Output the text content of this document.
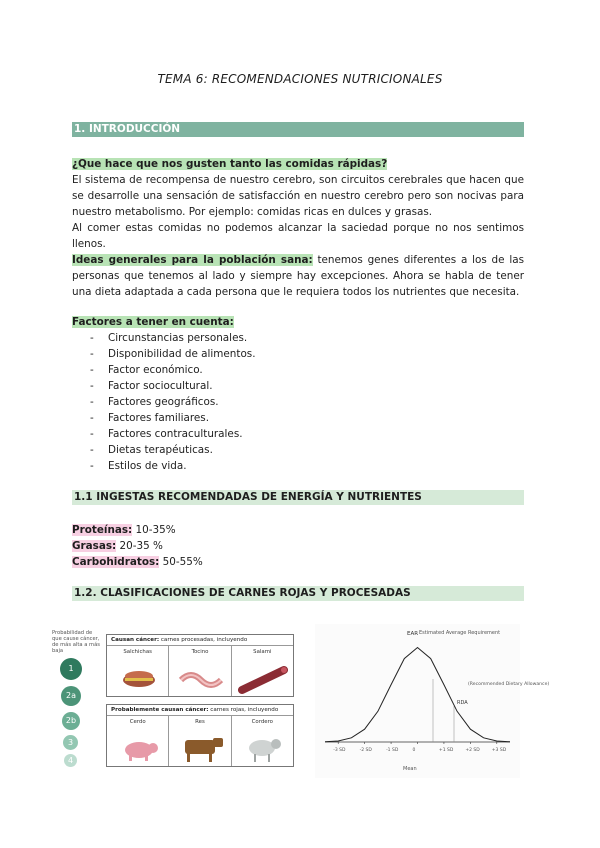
TEMA 6: RECOMENDACIONES NUTRICIONALES
1. INTRODUCCIÓN
¿Que hace que nos gusten tanto las comidas rápidas?
El sistema de recompensa de nuestro cerebro, son circuitos cerebrales que hacen que se desarrolle una sensación de satisfacción en nuestro cerebro pero son nocivas para nuestro metabolismo. Por ejemplo: comidas ricas en dulces y grasas.
Al comer estas comidas no podemos alcanzar la saciedad porque no nos sentimos llenos.
Ideas generales para la población sana: tenemos genes diferentes a los de las personas que tenemos al lado y siempre hay excepciones. Ahora se habla de tener una dieta adaptada a cada persona que le requiera todos los nutrientes que necesita.
Factores a tener en cuenta:
- Circunstancias personales.
- Disponibilidad de alimentos.
- Factor económico.
- Factor sociocultural.
- Factores geográficos.
- Factores familiares.
- Factores contraculturales.
- Dietas terapéuticas.
- Estilos de vida.
1.1 INGESTAS RECOMENDADAS DE ENERGÍA Y NUTRIENTES
Proteínas: 10-35%
Grasas: 20-35 %
Carbohidratos: 50-55%
1.2. CLASIFICACIONES DE CARNES ROJAS Y PROCESADAS
Probabilidad de que cause cáncer, de más alta a más baja
1
2a
2b
3
4
Causan cáncer: carnes procesadas, incluyendo
Salchichas	Tocino	Salami
Probablemente causan cáncer: carnes rojas, incluyendo
Cerdo	Res	Cordero
-3 SD	-2 SD	-1 SD	0	+1 SD	+2 SD	+3 SD
EAR Estimated Average Requirement
RDA
(Recommended Dietary Allowance)
Mean
